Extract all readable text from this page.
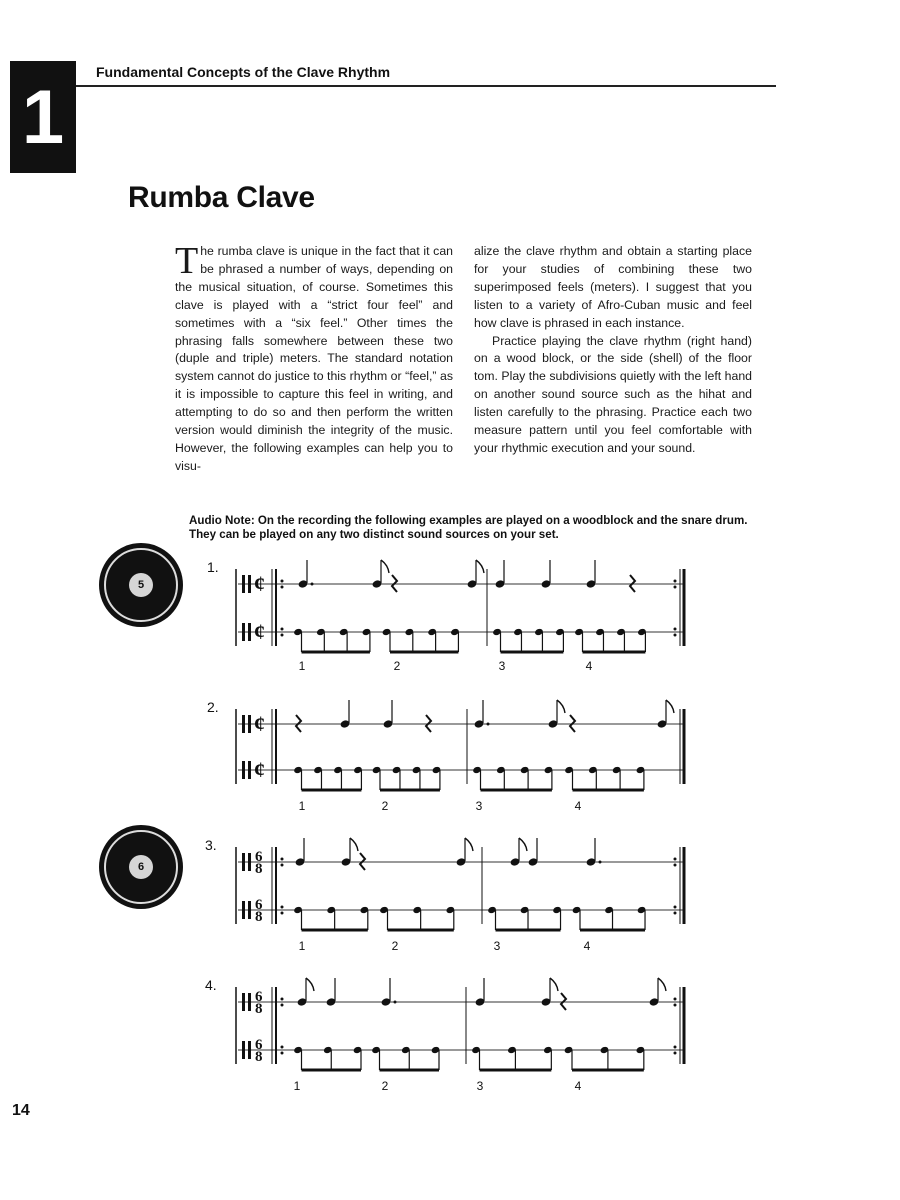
1
Fundamental Concepts of the Clave Rhythm
Rumba Clave

The rumba clave is unique in the fact that it can be phrased a number of ways, depending on the musical situation, of course. Sometimes this clave is played with a “strict four feel” and sometimes with a “six feel.” Other times the phrasing falls somewhere between these two (duple and triple) meters. The standard notation system cannot do justice to this rhythm or “feel,” as it is impossible to capture this feel in writing, and attempting to do so and then perform the written version would diminish the integrity of the music. However, the following examples can help you to visu-

alize the clave rhythm and obtain a starting place for your studies of combining these two superimposed feels (meters). I suggest that you listen to a variety of Afro-Cuban music and feel how clave is phrased in each instance.

Practice playing the clave rhythm (right hand) on a wood block, or the side (shell) of the floor tom. Play the subdivisions quietly with the left hand on another sound source such as the hihat and listen carefully to the phrasing. Practice each two measure pattern until you feel comfortable with your rhythmic execution and your sound.

Audio Note: On the recording the following examples are played on a woodblock and the snare drum. They can be played on any two distinct sound sources on your set.
5
6
1.
2.
3.
4.
¢
¢
1	2	3	4
¢
¢
1	2	3	4
6
8
6
8
1	2	3	4
6
8
6
8
1	2	3	4
14
